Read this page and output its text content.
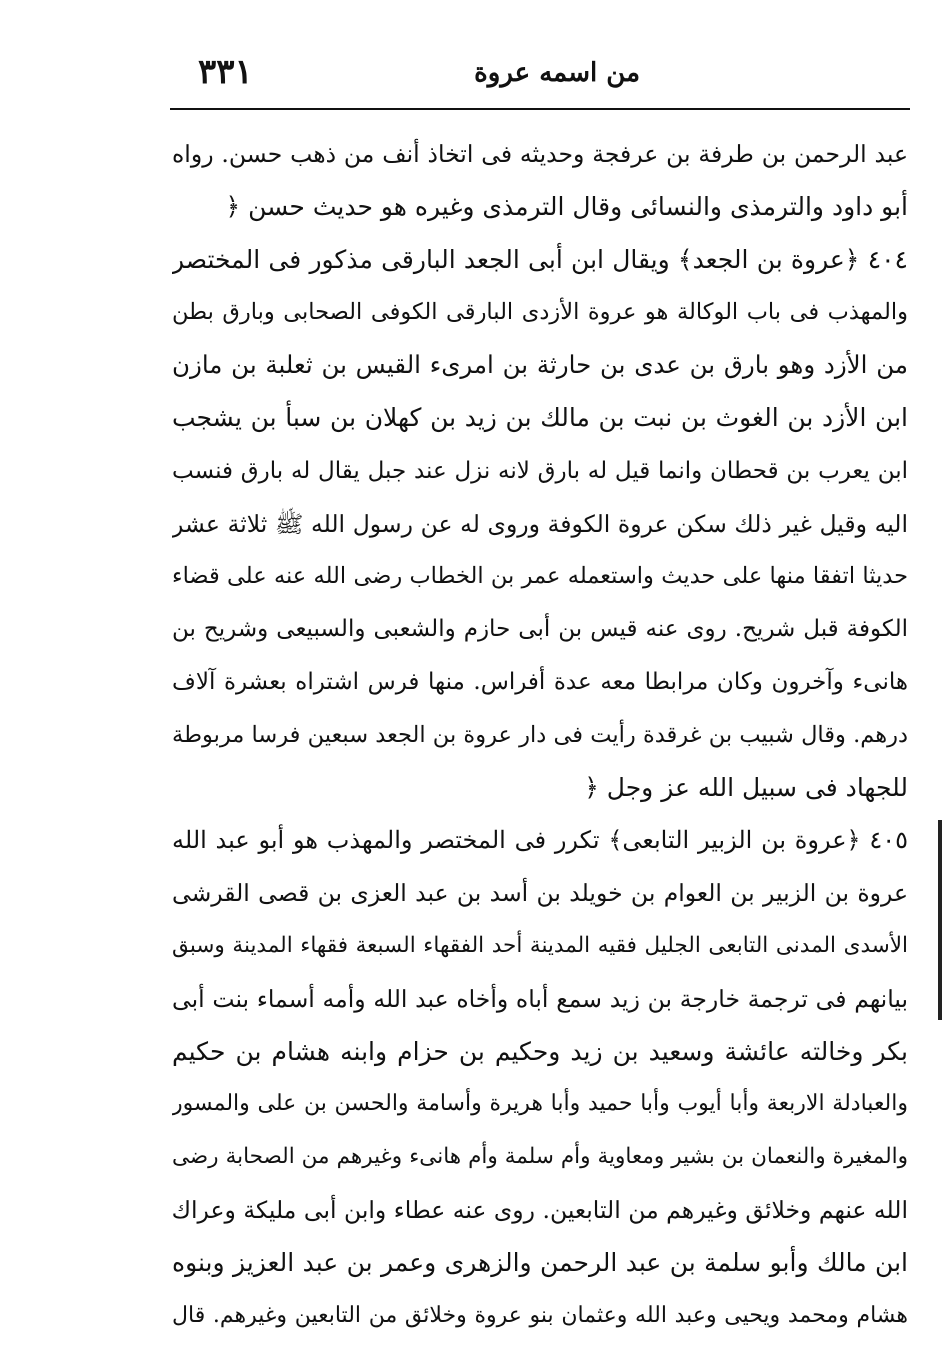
من اسمه عروة
٣٣١
عبد الرحمن بن طرفة بن عرفجة وحديثه فى اتخاذ أنف من ذهب حسن. رواه
أبو داود والترمذى والنسائى وقال الترمذى وغيره هو حديث حسن ﴿
٤٠٤ ﴿عروة بن الجعد﴾ ويقال ابن أبى الجعد البارقى مذكور فى المختصر
والمهذب فى باب الوكالة هو عروة الأزدى البارقى الكوفى الصحابى وبارق بطن
من الأزد وهو بارق بن عدى بن حارثة بن امرىء القيس بن ثعلبة بن مازن
ابن الأزد بن الغوث بن نبت بن مالك بن زيد بن كهلان بن سبأ بن يشجب
ابن يعرب بن قحطان وانما قيل له بارق لانه نزل عند جبل يقال له بارق فنسب
اليه وقيل غير ذلك سكن عروة الكوفة وروى له عن رسول الله ﷺ ثلاثة عشر
حديثا اتفقا منها على حديث واستعمله عمر بن الخطاب رضى الله عنه على قضاء
الكوفة قبل شريح. روى عنه قيس بن أبى حازم والشعبى والسبيعى وشريح بن
هانىء وآخرون وكان مرابطا معه عدة أفراس. منها فرس اشتراه بعشرة آلاف
درهم. وقال شبيب بن غرقدة رأيت فى دار عروة بن الجعد سبعين فرسا مربوطة
للجهاد فى سبيل الله عز وجل ﴿
٤٠٥ ﴿عروة بن الزبير التابعى﴾ تكرر فى المختصر والمهذب هو أبو عبد الله
عروة بن الزبير بن العوام بن خويلد بن أسد بن عبد العزى بن قصى القرشى
الأسدى المدنى التابعى الجليل فقيه المدينة أحد الفقهاء السبعة فقهاء المدينة وسبق
بيانهم فى ترجمة خارجة بن زيد سمع أباه وأخاه عبد الله وأمه أسماء بنت أبى
بكر وخالته عائشة وسعيد بن زيد وحكيم بن حزام وابنه هشام بن حكيم
والعبادلة الاربعة وأبا أيوب وأبا حميد وأبا هريرة وأسامة والحسن بن على والمسور
والمغيرة والنعمان بن بشير ومعاوية وأم سلمة وأم هانىء وغيرهم من الصحابة رضى
الله عنهم وخلائق وغيرهم من التابعين. روى عنه عطاء وابن أبى مليكة وعراك
ابن مالك وأبو سلمة بن عبد الرحمن والزهرى وعمر بن عبد العزيز وبنوه
هشام ومحمد ويحيى وعبد الله وعثمان بنو عروة وخلائق من التابعين وغيرهم. قال
